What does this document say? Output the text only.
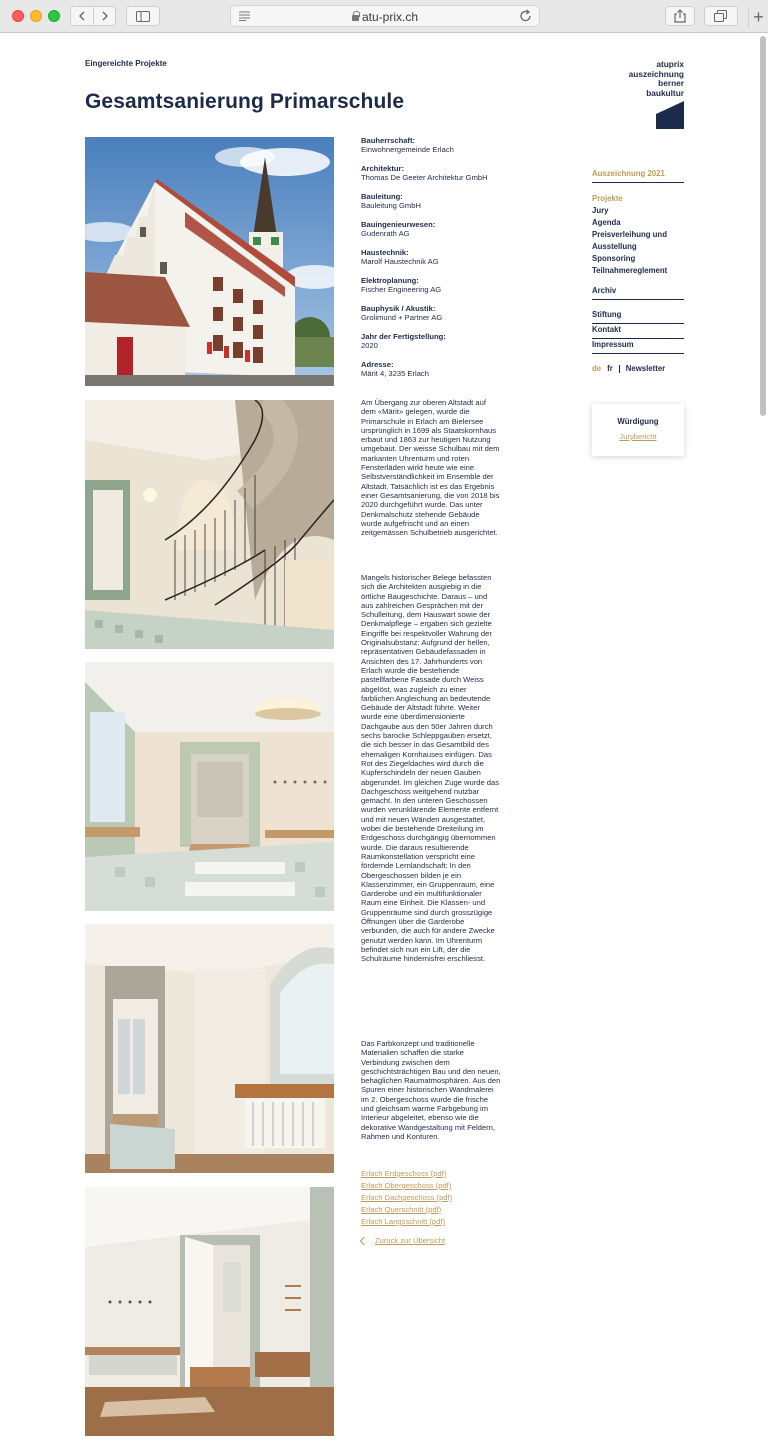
atu-prix.ch	+
Eingereichte Projekte
Gesamtsanierung Primarschule
atuprix
auszeichnung
berner
baukultur
Bauherrschaft:
Einwohnergemeinde Erlach
Architektur:
Thomas De Geeter Architektur GmbH
Bauleitung:
Bauleitung GmbH
Bauingenieurwesen:
Gudenrath AG
Haustechnik:
Marolf Haustechnik AG
Elektroplanung:
Fischer Engineering AG
Bauphysik / Akustik:
Grolimund + Partner AG
Jahr der Fertigstellung:
2020
Adresse:
Märit 4, 3235 Erlach

Am Übergang zur oberen Altstadt auf dem «Märit» gelegen, wurde die Primarschule in Erlach am Bielersee ursprünglich in 1699 als Staatskornhaus erbaut und 1863 zur heutigen Nutzung umgebaut. Der weisse Schulbau mit dem markanten Uhrenturm und roten Fensterläden wirkt heute wie eine Selbstverständlichkeit im Ensemble der Altstadt. Tatsächlich ist es das Ergebnis einer Gesamtsanierung, die von 2018 bis 2020 durchgeführt wurde. Das unter Denkmalschutz stehende Gebäude wurde aufgefrischt und an einen zeitgemässen Schulbetrieb ausgerichtet.

Mangels historischer Belege befassten sich die Architekten ausgiebig in die örtliche Baugeschichte. Daraus – und aus zahlreichen Gesprächen mit der Schulleitung, dem Hauswart sowie der Denkmalpflege – ergaben sich gezielte Eingriffe bei respektvoller Wahrung der Originalsubstanz: Aufgrund der hellen, repräsentativen Gebäudefassaden in Ansichten des 17. Jahrhunderts von Erlach wurde die bestehende pastellfarbene Fassade durch Weiss abgelöst, was zugleich zu einer farblichen Angleichung an bedeutende Gebäude der Altstadt führte. Weiter wurde eine überdimensionierte Dachgaube aus den 50er Jahren durch sechs barocke Schleppgauben ersetzt, die sich besser in das Gesamtbild des ehemaligen Kornhauses einfügen. Das Rot des Ziegeldaches wird durch die Kupferschindeln der neuen Gauben abgerundet. Im gleichen Zuge wurde das Dachgeschoss weitgehend nutzbar gemacht. In den unteren Geschossen wurden verunklärende Elemente entfernt und mit neuen Wänden ausgestattet, wobei die bestehende Dreiteilung im Erdgeschoss durchgängig übernommen wurde. Die daraus resultierende Raumkonstellation verspricht eine fördernde Lernlandschaft: In den Obergeschossen bilden je ein Klassenzimmer, ein Gruppenraum, eine Garderobe und ein multifunktionaler Raum eine Einheit. Die Klassen- und Gruppenräume sind durch grosszügige Öffnungen über die Garderobe verbunden, die auch für andere Zwecke genutzt werden kann. Im Uhrenturm befindet sich nun ein Lift, der die Schulräume hindernisfrei erschliesst.

Das Farbkonzept und traditionelle Materialien schaffen die starke Verbindung zwischen dem geschichtsträchtigen Bau und den neuen, behaglichen Raumatmosphären. Aus den Spuren einer historischen Wandmalerei im 2. Obergeschoss wurde die frische und gleichsam warme Farbgebung im Interieur abgeleitet, ebenso wie die dekorative Wandgestaltung mit Feldern, Rahmen und Konturen.

Erlach Erdgeschoss (pdf)
Erlach Obergeschoss (pdf)
Erlach Dachgeschoss (pdf)
Erlach Querschnitt (pdf)
Erlach Langsschnitt (pdf)
Zurück zur Übersicht
Auszeichnung 2021
Projekte
Jury
Agenda
Preisverleihung und Ausstellung
Sponsoring
Teilnahmereglement
Archiv
Stiftung
Kontakt
Impressum
de fr Newsletter
Würdigung
Jurybericht
